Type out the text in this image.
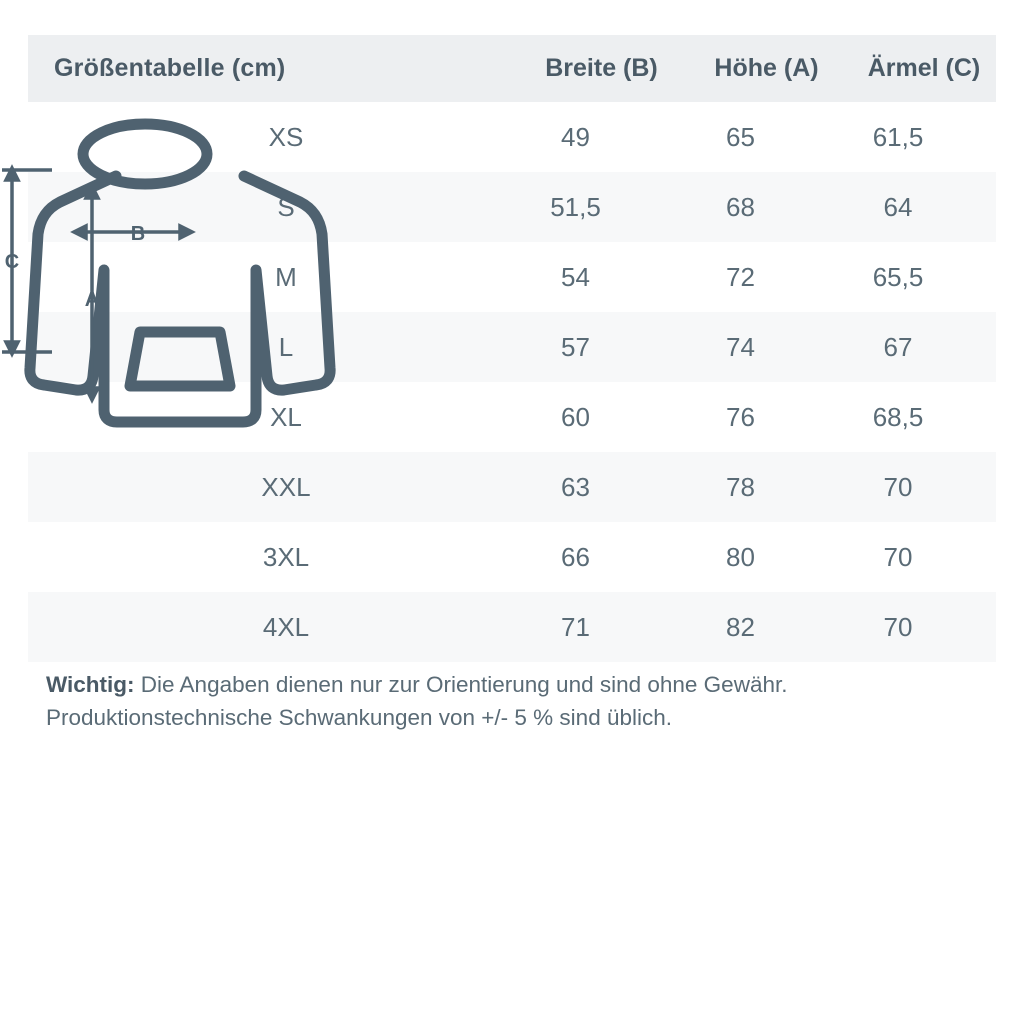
Größentabelle (cm)	Breite (B)	Höhe (A)	Ärmel (C)
XS	49	65	61,5
S	51,5	68	64
M	54	72	65,5
L	57	74	67
XL	60	76	68,5
XXL	63	78	70
3XL	66	80	70
4XL	71	82	70
B
A
C
Wichtig: Die Angaben dienen nur zur Orientierung und sind ohne Gewähr. Produktionstechnische Schwankungen von +/- 5 % sind üblich.
